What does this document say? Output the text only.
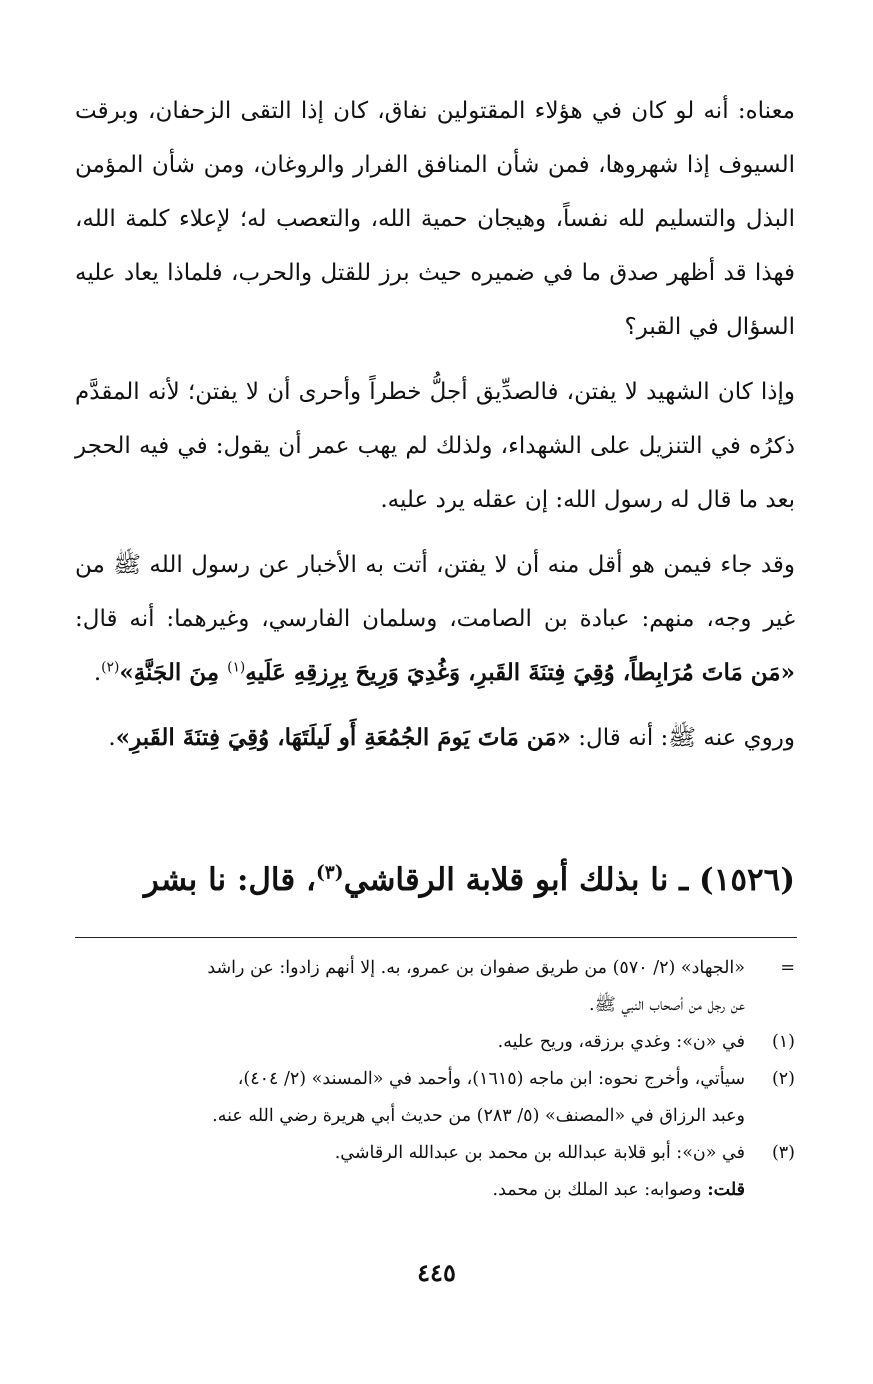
معناه: أنه لو كان في هؤلاء المقتولين نفاق، كان إذا التقى الزحفان، وبرقت السيوف إذا شهروها، فمن شأن المنافق الفرار والروغان، ومن شأن المؤمن البذل والتسليم لله نفساً، وهيجان حمية الله، والتعصب له؛ لإعلاء كلمة الله، فهذا قد أظهر صدق ما في ضميره حيث برز للقتل والحرب، فلماذا يعاد عليه السؤال في القبر؟

وإذا كان الشهيد لا يفتن، فالصدِّيق أجلُّ خطراً وأحرى أن لا يفتن؛ لأنه المقدَّم ذكرُه في التنزيل على الشهداء، ولذلك لم يهب عمر أن يقول: في فيه الحجر بعد ما قال له رسول الله: إن عقله يرد عليه.

وقد جاء فيمن هو أقل منه أن لا يفتن، أتت به الأخبار عن رسول الله ﷺ من غير وجه، منهم: عبادة بن الصامت، وسلمان الفارسي، وغيرهما: أنه قال: «مَن مَاتَ مُرَابِطاً، وُقِيَ فِتنَةَ القَبرِ، وَغُدِيَ وَرِيحَ بِرِزقِهِ عَلَيهِ$^{(١)}$ مِنَ الجَنَّةِ»$^{(٢)}$.

وروي عنه ﷺ: أنه قال: «مَن مَاتَ يَومَ الجُمُعَةِ أَو لَيلَتَهَا، وُقِيَ فِتنَةَ القَبرِ».

(١٥٢٦) ـ نا بذلك أبو قلابة الرقاشي$^{(٣)}$، قال: نا بشر
=
«الجهاد» (٢/ ٥٧٠) من طريق صفوان بن عمرو، به. إلا أنهم زادوا: عن راشد
عن رجل من أصحاب النبي ﷺ.
(١)
في «ن»: وغدي برزقه، وريح عليه.
(٢)
سيأتي، وأخرج نحوه: ابن ماجه (١٦١٥)، وأحمد في «المسند» (٢/ ٤٠٤)،
وعبد الرزاق في «المصنف» (٥/ ٢٨٣) من حديث أبي هريرة رضي الله عنه.
(٣)
في «ن»: أبو قلابة عبدالله بن محمد بن عبدالله الرقاشي.
قلت: وصوابه: عبد الملك بن محمد.
٤٤٥
